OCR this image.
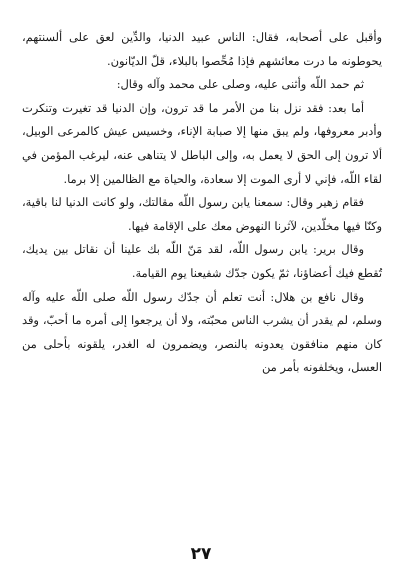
وأقبل على أصحابه، فقال: الناس عبيد الدنيا، والدِّين لعق على ألسنتهم، يحوطونه ما درت معائشهم فإذا مُحِّصوا بالبلاء، قلّ الديّانون.

ثم حمد اللّه وأثنى عليه، وصلى على محمد وآله وقال:

أما بعد: فقد نزل بنا من الأمر ما قد ترون، وإن الدنيا قد تغيرت وتنكرت وأدبر معروفها، ولم يبق منها إلا صبابة الإناء، وخسيس عيش كالمرعى الوبيل، ألا ترون إلى الحق لا يعمل به، وإلى الباطل لا يتناهى عنه، ليرغب المؤمن في لقاء اللّه، فإني لا أرى الموت إلا سعادة، والحياة مع الظالمين إلا برما.

فقام زهير وقال: سمعنا يابن رسول اللّه مقالتك، ولو كانت الدنيا لنا باقية، وكنّا فيها مخلّدين، لآثرنا النهوض معك على الإقامة فيها.

وقال برير: يابن رسول اللّه، لقد مَنّ اللّه بك علينا أن نقاتل بين يديك، تُقطع فيك أعضاؤنا، ثمّ يكون جدّك شفيعنا يوم القيامة.

وقال نافع بن هلال: أنت تعلم أن جدّك رسول اللّه صلى اللّه عليه وآله وسلم، لم يقدر أن يشرب الناس محبّته، ولا أن يرجعوا إلى أمره ما أحبّ، وقد كان منهم منافقون يعدونه بالنصر، ويضمرون له الغدر، يلقونه بأحلى من العسل، ويخلفونه بأمر من

٢٧
